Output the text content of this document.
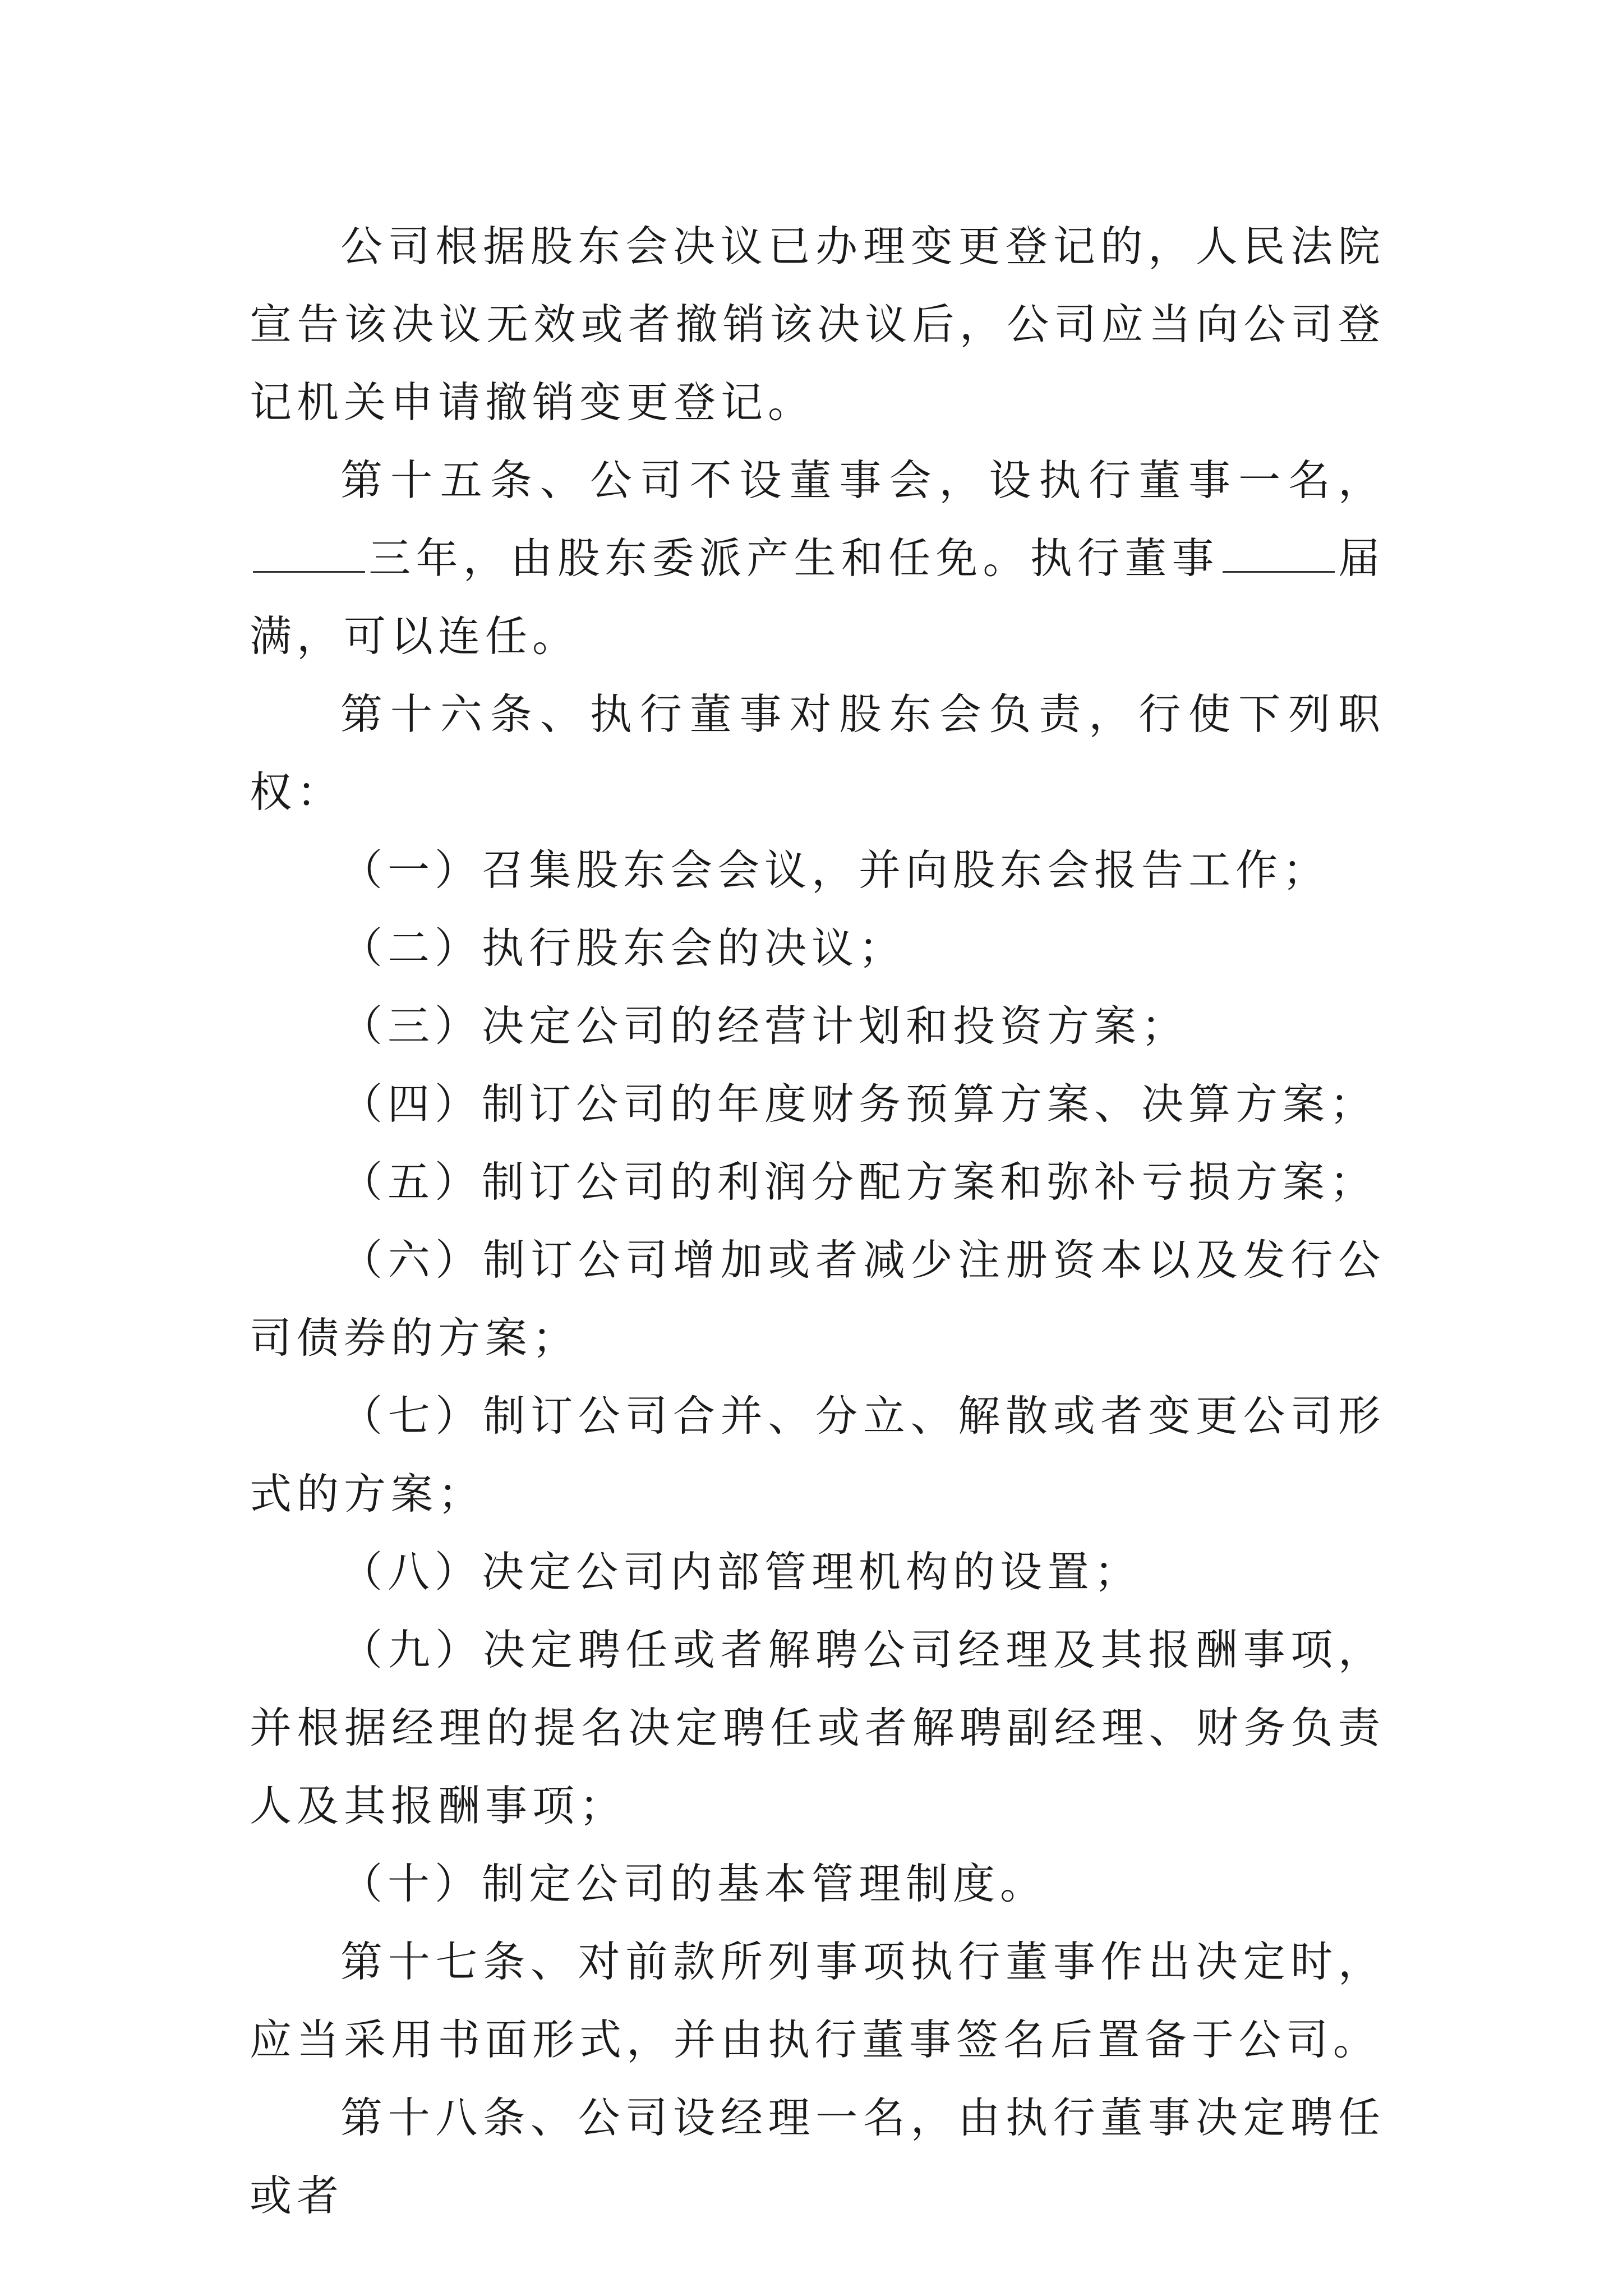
公司根据股东会决议已办理变更登记的，人民法院宣告该决议无效或者撤销该决议后，公司应当向公司登记机关申请撤销变更登记。

第十五条、公司不设董事会，设执行董事一名，三年，由股东委派产生和任免。执行董事	届满，可以连任。

第十六条、执行董事对股东会负责，行使下列职权：

（一）召集股东会会议，并向股东会报告工作；

（二）执行股东会的决议；

（三）决定公司的经营计划和投资方案；

（四）制订公司的年度财务预算方案、决算方案；

（五）制订公司的利润分配方案和弥补亏损方案；

（六）制订公司增加或者减少注册资本以及发行公司债券的方案；

（七）制订公司合并、分立、解散或者变更公司形式的方案；

（八）决定公司内部管理机构的设置；

（九）决定聘任或者解聘公司经理及其报酬事项，并根据经理的提名决定聘任或者解聘副经理、财务负责人及其报酬事项；

（十）制定公司的基本管理制度。

第十七条、对前款所列事项执行董事作出决定时，应当采用书面形式，并由执行董事签名后置备于公司。

第十八条、公司设经理一名，由执行董事决定聘任或者
